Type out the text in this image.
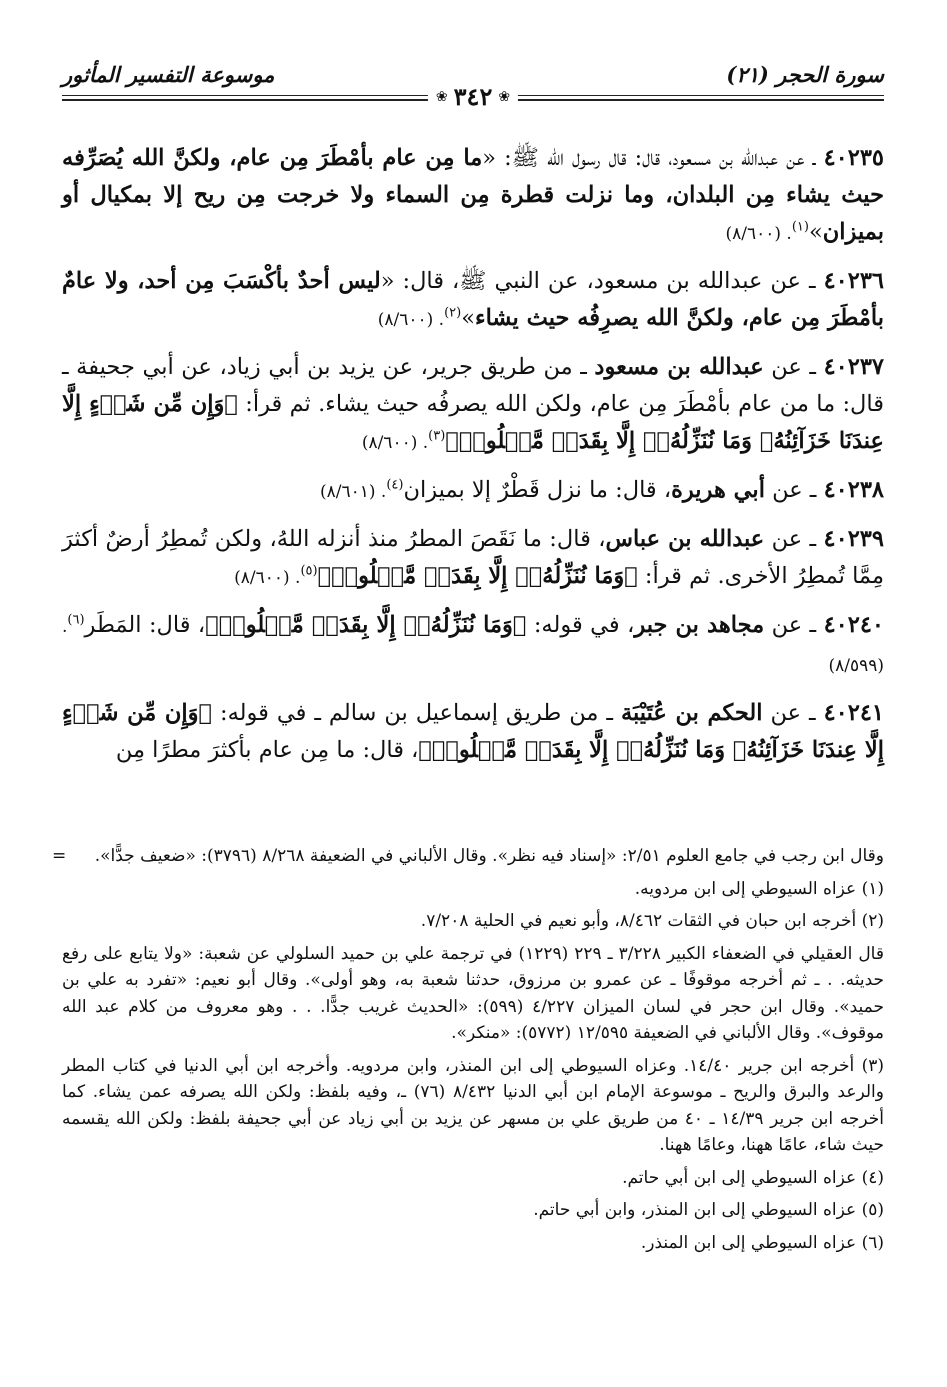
سورة الحجر (٢١)
موسوعة التفسير المأثور
❀
٣٤٢
❀

٤٠٢٣٥ ـ عن عبدالله بن مسعود، قال: قال رسول الله ﷺ: «ما مِن عام بأمْطَرَ مِن عام، ولكنَّ الله يُصَرِّفه حيث يشاء مِن البلدان، وما نزلت قطرة مِن السماء ولا خرجت مِن ريح إلا بمكيال أو بميزان»$^{(١)}$. (٨/٦٠٠)

٤٠٢٣٦ ـ عن عبدالله بن مسعود، عن النبي ﷺ، قال: «ليس أحدٌ بأكْسَبَ مِن أحد، ولا عامٌ بأمْطَرَ مِن عام، ولكنَّ الله يصرِفُه حيث يشاء»$^{(٢)}$. (٨/٦٠٠)

٤٠٢٣٧ ـ عن عبدالله بن مسعود ـ من طريق جرير، عن يزيد بن أبي زياد، عن أبي جحيفة ـ قال: ما من عام بأمْطَرَ مِن عام، ولكن الله يصرفُه حيث يشاء. ثم قرأ: ﴿وَإِن مِّن شَيۡءٍ إِلَّا عِندَنَا خَزَآئِنُهُۥ وَمَا نُنَزِّلُهُۥٓ إِلَّا بِقَدَرٖ مَّعۡلُومٖ﴾$^{(٣)}$. (٨/٦٠٠)

٤٠٢٣٨ ـ عن أبي هريرة، قال: ما نزل قَطْرٌ إلا بميزان$^{(٤)}$. (٨/٦٠١)

٤٠٢٣٩ ـ عن عبدالله بن عباس، قال: ما نَقَصَ المطرُ منذ أنزله اللهُ، ولكن تُمطِرُ أرضٌ أكثرَ مِمَّا تُمطِرُ الأخرى. ثم قرأ: ﴿وَمَا نُنَزِّلُهُۥٓ إِلَّا بِقَدَرٖ مَّعۡلُومٖ﴾$^{(٥)}$. (٨/٦٠٠)

٤٠٢٤٠ ـ عن مجاهد بن جبر، في قوله: ﴿وَمَا نُنَزِّلُهُۥٓ إِلَّا بِقَدَرٖ مَّعۡلُومٖ﴾، قال: المَطَر$^{(٦)}$. (٨/٥٩٩)

٤٠٢٤١ ـ عن الحكم بن عُتَيْبَة ـ من طريق إسماعيل بن سالم ـ في قوله: ﴿وَإِن مِّن شَيۡءٍ إِلَّا عِندَنَا خَزَآئِنُهُۥ وَمَا نُنَزِّلُهُۥٓ إِلَّا بِقَدَرٖ مَّعۡلُومٖ﴾، قال: ما مِن عام بأكثرَ مطرًا مِن

= وقال ابن رجب في جامع العلوم ٢/٥١: «إسناد فيه نظر». وقال الألباني في الضعيفة ٨/٢٦٨ (٣٧٩٦): «ضعيف جدًّا».

(١) عزاه السيوطي إلى ابن مردويه.

(٢) أخرجه ابن حبان في الثقات ٨/٤٦٢، وأبو نعيم في الحلية ٧/٢٠٨.

قال العقيلي في الضعفاء الكبير ٣/٢٢٨ ـ ٢٢٩ (١٢٢٩) في ترجمة علي بن حميد السلولي عن شعبة: «ولا يتابع على رفع حديثه. . ـ ثم أخرجه موقوفًا ـ عن عمرو بن مرزوق، حدثنا شعبة به، وهو أولى». وقال أبو نعيم: «تفرد به علي بن حميد». وقال ابن حجر في لسان الميزان ٤/٢٢٧ (٥٩٩): «الحديث غريب جدًّا. . . وهو معروف من كلام عبد الله موقوف». وقال الألباني في الضعيفة ١٢/٥٩٥ (٥٧٧٢): «منكر».

(٣) أخرجه ابن جرير ١٤/٤٠. وعزاه السيوطي إلى ابن المنذر، وابن مردويه. وأخرجه ابن أبي الدنيا في كتاب المطر والرعد والبرق والريح ـ موسوعة الإمام ابن أبي الدنيا ٨/٤٣٢ (٧٦) ـ، وفيه بلفظ: ولكن الله يصرفه عمن يشاء. كما أخرجه ابن جرير ١٤/٣٩ ـ ٤٠ من طريق علي بن مسهر عن يزيد بن أبي زياد عن أبي جحيفة بلفظ: ولكن الله يقسمه حيث شاء، عامًا ههنا، وعامًا ههنا.

(٤) عزاه السيوطي إلى ابن أبي حاتم.

(٥) عزاه السيوطي إلى ابن المنذر، وابن أبي حاتم.

(٦) عزاه السيوطي إلى ابن المنذر.
